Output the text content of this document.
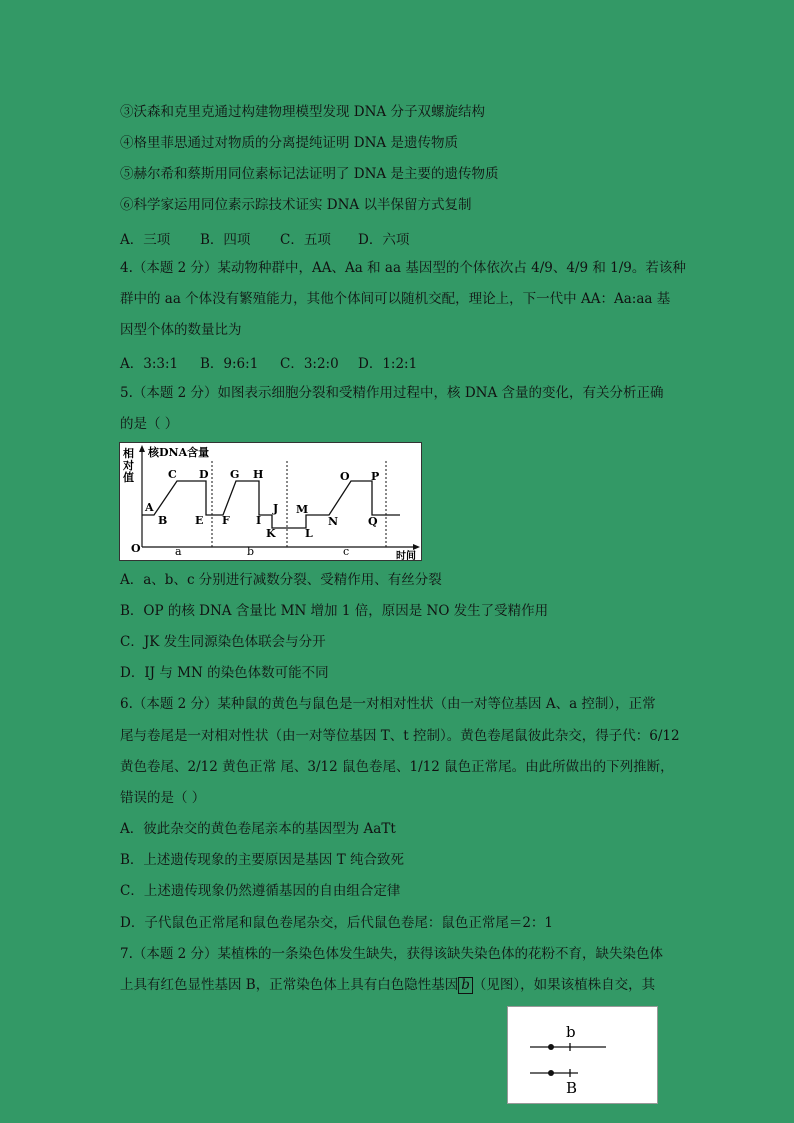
③沃森和克里克通过构建物理模型发现 DNA 分子双螺旋结构
④格里菲思通过对物质的分离提纯证明 DNA 是遗传物质
⑤赫尔希和蔡斯用同位素标记法证明了 DNA 是主要的遗传物质
⑥科学家运用同位素示踪技术证实 DNA 以半保留方式复制
A．三项 B．四项 C．五项 D．六项
4.（本题 2 分）某动物种群中，AA、Aa 和 aa 基因型的个体依次占 4/9、4/9 和 1/9。若该种
群中的 aa 个体没有繁殖能力，其他个体间可以随机交配，理论上，下一代中 AA：Aa:aa 基
因型个体的数量比为
A．3:3:1 B．9:6:1 C．3:2:0 D．1:2:1
5.（本题 2 分）如图表示细胞分裂和受精作用过程中，核 DNA 含量的变化，有关分析正确
的是（ ）
相
对
值
核DNA含量
O
时间
A
B
C D
E F
G H
I
J
K	L
M
N
O P
Q
a	b	c
A．a、b、c 分别进行减数分裂、受精作用、有丝分裂
B．OP 的核 DNA 含量比 MN 增加 1 倍，原因是 NO 发生了受精作用
C．JK 发生同源染色体联会与分开
D．IJ 与 MN 的染色体数可能不同
6.（本题 2 分）某种鼠的黄色与鼠色是一对相对性状（由一对等位基因 A、a 控制），正常
尾与卷尾是一对相对性状（由一对等位基因 T、t 控制）。黄色卷尾鼠彼此杂交，得子代：6/12
黄色卷尾、2/12 黄色正常 尾、3/12 鼠色卷尾、1/12 鼠色正常尾。由此所做出的下列推断，
错误的是（ ）
A．彼此杂交的黄色卷尾亲本的基因型为 AaTt
B．上述遗传现象的主要原因是基因 T 纯合致死
C．上述遗传现象仍然遵循基因的自由组合定律
D．子代鼠色正常尾和鼠色卷尾杂交，后代鼠色卷尾：鼠色正常尾＝2：1
7.（本题 2 分）某植株的一条染色体发生缺失，获得该缺失染色体的花粉不育，缺失染色体
上具有红色显性基因 B，正常染色体上具有白色隐性基因 b （见图），如果该植株自交，其
b
B
